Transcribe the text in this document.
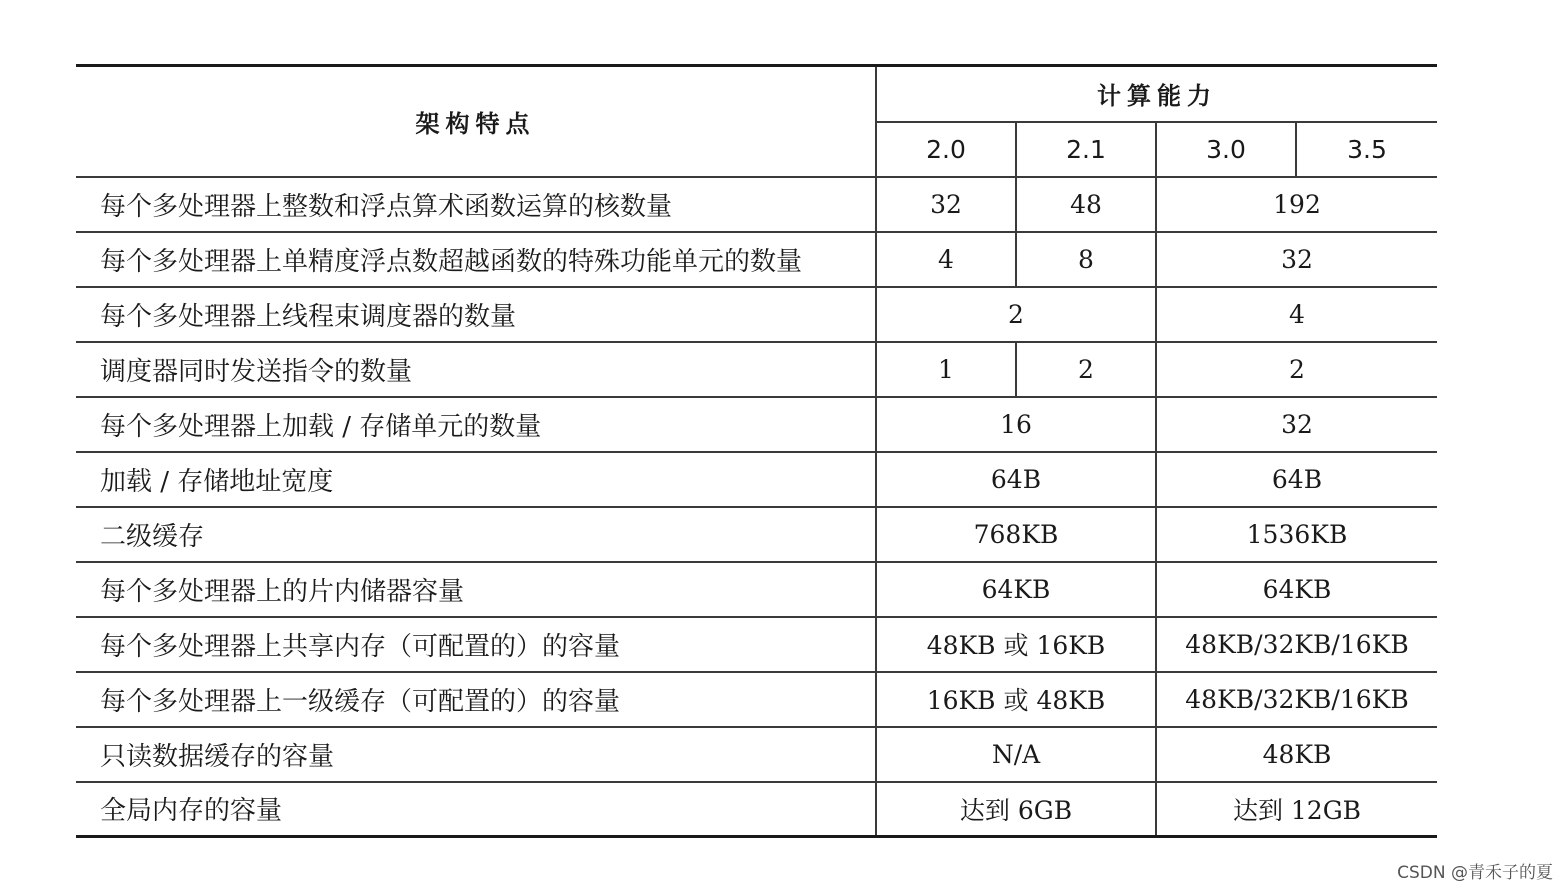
架构特点	计算能力			
	2.0	2.1	3.0	3.5
每个多处理器上整数和浮点算术函数运算的核数量	32	48	192	
每个多处理器上单精度浮点数超越函数的特殊功能单元的数量	4	8	32	
每个多处理器上线程束调度器的数量	2		4	
调度器同时发送指令的数量	1	2	2	
每个多处理器上加载 / 存储单元的数量	16		32	
加载 / 存储地址宽度	64B		64B	
二级缓存	768KB		1536KB	
每个多处理器上的片内储器容量	64KB		64KB	
每个多处理器上共享内存（可配置的）的容量	48KB 或 16KB		48KB/32KB/16KB	
每个多处理器上一级缓存（可配置的）的容量	16KB 或 48KB		48KB/32KB/16KB	
只读数据缓存的容量	N/A		48KB	
全局内存的容量	达到 6GB		达到 12GB	
CSDN @青禾子的夏
